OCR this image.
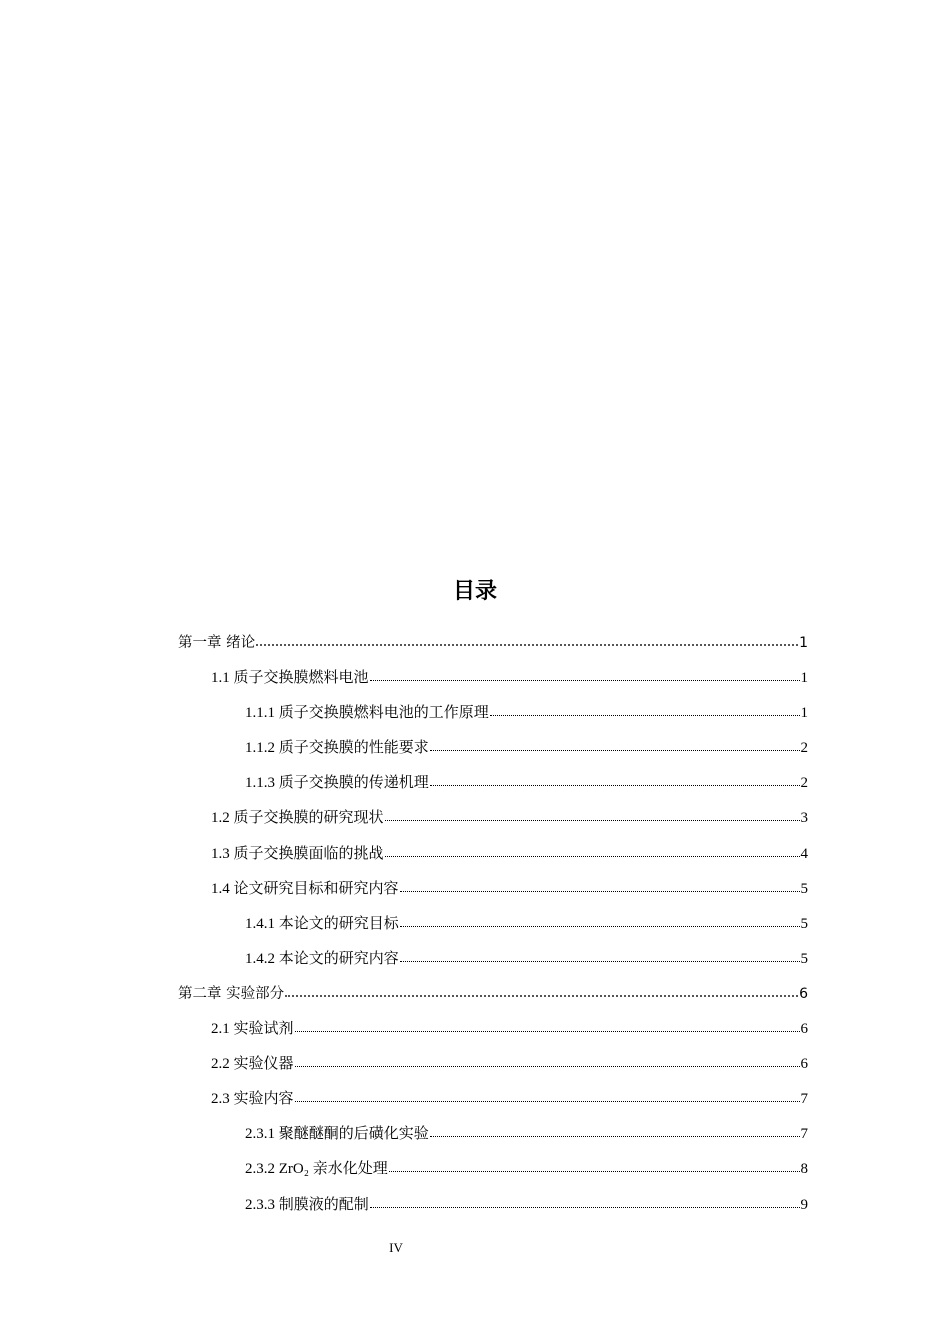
目录
第一章 绪论	1
1.1 质子交换膜燃料电池	1
1.1.1 质子交换膜燃料电池的工作原理	1
1.1.2 质子交换膜的性能要求	2
1.1.3 质子交换膜的传递机理	2
1.2 质子交换膜的研究现状	3
1.3 质子交换膜面临的挑战	4
1.4 论文研究目标和研究内容	5
1.4.1 本论文的研究目标	5
1.4.2 本论文的研究内容	5
第二章 实验部分	6
2.1 实验试剂	6
2.2 实验仪器	6
2.3 实验内容	7
2.3.1 聚醚醚酮的后磺化实验	7
2.3.2 ZrO₂ 亲水化处理	8
2.3.3 制膜液的配制	9
IV
